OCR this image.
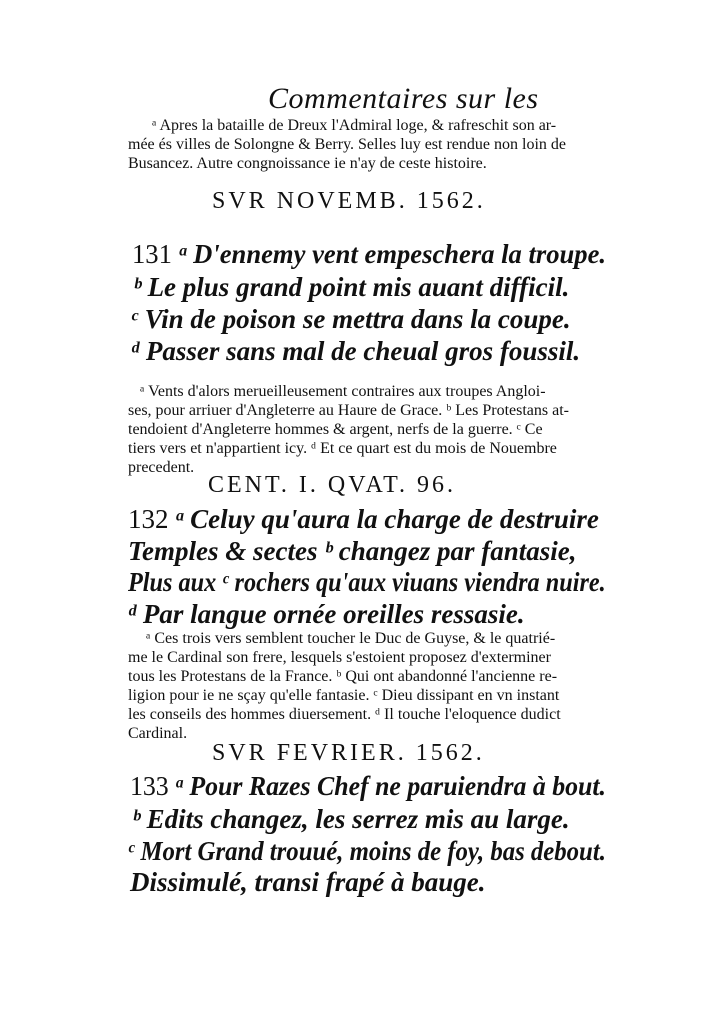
Commentaires sur les
ᵃ Apres la bataille de Dreux l'Admiral loge, & rafreschit son ar-
mée és villes de Solongne & Berry. Selles luy est rendue non loin de
Busancez. Autre congnoissance ie n'ay de ceste histoire.
SVR NOVEMB. 1562.
131 ᵃ D'ennemy vent empeschera la troupe.
ᵇ Le plus grand point mis auant difficil.
ᶜ Vin de poison se mettra dans la coupe.
ᵈ Passer sans mal de cheual gros foussil.
ᵃ Vents d'alors merueilleusement contraires aux troupes Angloi-
ses, pour arriuer d'Angleterre au Haure de Grace. ᵇ Les Protestans at-
tendoient d'Angleterre hommes & argent, nerfs de la guerre. ᶜ Ce
tiers vers et n'appartient icy. ᵈ Et ce quart est du mois de Nouembre
precedent.
CENT. I. QVAT. 96.
132 ᵃ Celuy qu'aura la charge de destruire
Temples & sectes ᵇ changez par fantasie,
Plus aux ᶜ rochers qu'aux viuans viendra nuire.
ᵈ Par langue ornée oreilles ressasie.
ᵃ Ces trois vers semblent toucher le Duc de Guyse, & le quatrié-
me le Cardinal son frere, lesquels s'estoient proposez d'exterminer
tous les Protestans de la France. ᵇ Qui ont abandonné l'ancienne re-
ligion pour ie ne sçay qu'elle fantasie. ᶜ Dieu dissipant en vn instant
les conseils des hommes diuersement. ᵈ Il touche l'eloquence dudict
Cardinal.
SVR FEVRIER. 1562.
133 ᵃ Pour Razes Chef ne paruiendra à bout.
ᵇ Edits changez, les serrez mis au large.
ᶜ Mort Grand trouué, moins de foy, bas debout.
Dissimulé, transi frapé à bauge.
